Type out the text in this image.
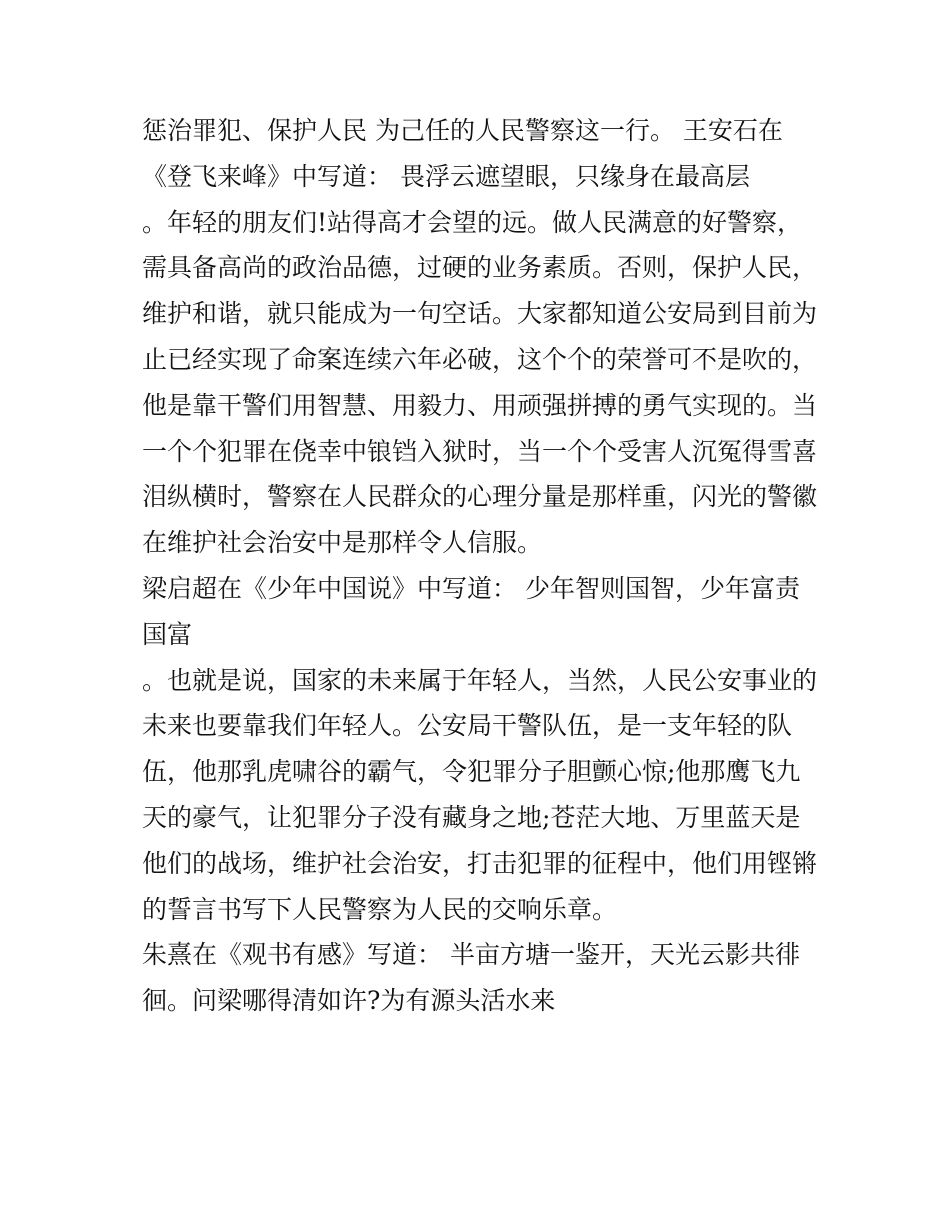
惩治罪犯、保护人民 为己任的人民警察这一行。 王安石在
《登飞来峰》中写道： 畏浮云遮望眼，只缘身在最高层
。年轻的朋友们!站得高才会望的远。做人民满意的好警察，
需具备高尚的政治品德，过硬的业务素质。否则，保护人民，
维护和谐，就只能成为一句空话。大家都知道公安局到目前为
止已经实现了命案连续六年必破，这个个的荣誉可不是吹的，
他是靠干警们用智慧、用毅力、用顽强拼搏的勇气实现的。当
一个个犯罪在侥幸中锒铛入狱时，当一个个受害人沉冤得雪喜
泪纵横时，警察在人民群众的心理分量是那样重，闪光的警徽
在维护社会治安中是那样令人信服。
梁启超在《少年中国说》中写道： 少年智则国智，少年富责
国富
。也就是说，国家的未来属于年轻人，当然，人民公安事业的
未来也要靠我们年轻人。公安局干警队伍，是一支年轻的队
伍，他那乳虎啸谷的霸气，令犯罪分子胆颤心惊;他那鹰飞九
天的豪气，让犯罪分子没有藏身之地;苍茫大地、万里蓝天是
他们的战场，维护社会治安，打击犯罪的征程中，他们用铿锵
的誓言书写下人民警察为人民的交响乐章。
朱熹在《观书有感》写道： 半亩方塘一鉴开，天光云影共徘
徊。问梁哪得清如许?为有源头活水来
